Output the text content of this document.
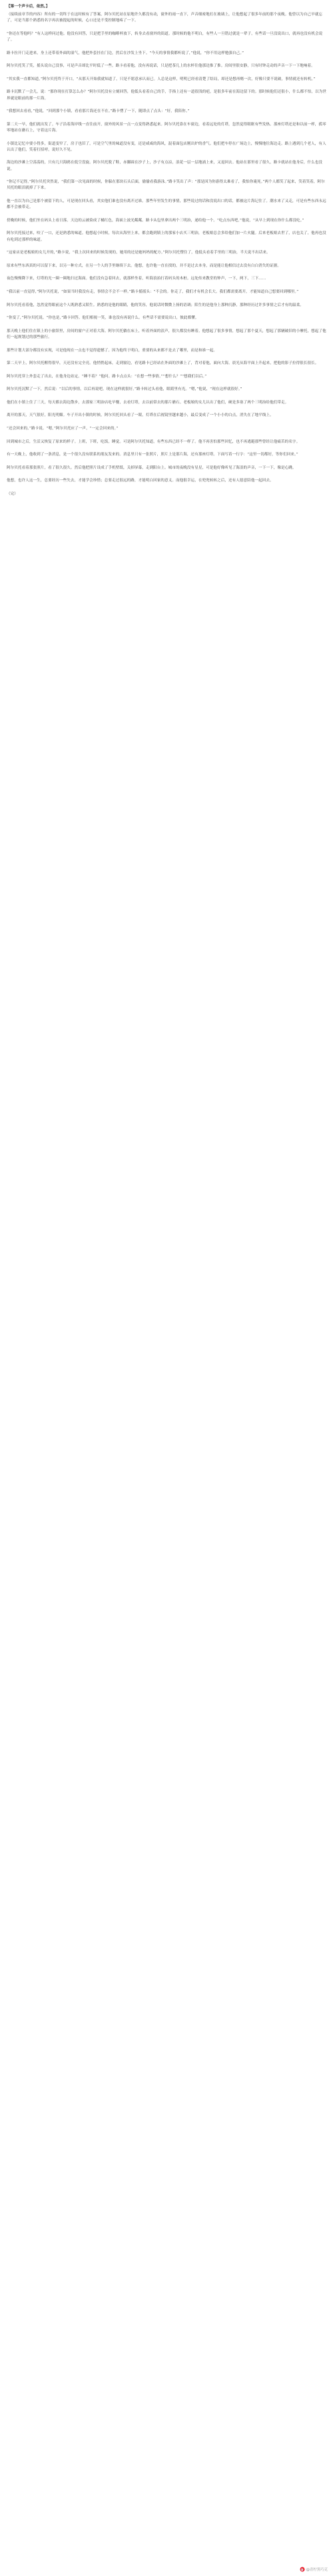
【第一个声卡后，依然。】

（接续前章节的内容）所有的一切终于在这时候有了答案，阿尔贝托站在原地许久都没有动，窗外的雨一直下，声音细密地打在玻璃上，让他想起了很多年前的那个夜晚。他曾以为自己早就忘了，可是当那个熟悉的名字再次被提起的时候，心口还是不受控制地疼了一下。

“你还在等他吗？”有人这样问过他。他没有回答，只是把手里的咖啡杯放下，转身去看窗外的街道。那时候的他不明白，有些人一旦错过就是一辈子，有些话一旦没说出口，就再也没有机会说了。

路卡拉开门走进来，身上还带着外面的湿气，他把外套挂在门边，然后在沙发上坐下。“今天的事情我都听说了，”他说，“你不用这样勉强自己。”

阿尔贝托笑了笑，摇头说自己没事，可是声音却比平时低了一些。路卡看着他，没有再说话，只是把茶几上的水杯往他那边推了推。房间里很安静，只有时钟走动的声音一下一下地响着。

“其实我一直都知道，”阿尔贝托终于开口，“从那天开始我就知道了，只是不愿意承认而已。人总是这样，明明已经看清楚了结局，却还是想再赌一次，好像只要不说破，事情就还有转机。”

路卡沉默了一会儿，说：“那你现在打算怎么办？”阿尔贝托没有立刻回答，他低头看着自己的手，手指上还有一道很浅的疤，是很多年前在海边留下的。那时候他们还很小，什么都不怕，以为世界就是眼前的那一片海。

“我想回去看看，”他说，“回到那个小镇，看看那片海还在不在。”路卡愣了一下，随即点了点头：“好，我陪你。”

第二天一早，他们就出发了。车子沿着海岸线一直往前开，窗外的风景一点一点变得熟悉起来。阿尔贝托靠在车窗边，看着远处的灯塔，忽然觉得眼眶有些发热。那座灯塔还是和以前一样，孤零零地站在礁石上，守着这片海。

小镇比记忆中要小得多，街道变窄了，房子也旧了，可是空气里的味道没有变，还是咸咸的海风，混着面包店刚出炉的香气。他们把车停在广场边上，慢慢地往海边走。路上遇到几个老人，有人认出了他们，笑着打招呼，说好久不见。

海边的沙滩上空荡荡的，只有几只海鸥在低空盘旋。阿尔贝托脱了鞋，赤脚踩在沙子上，沙子有点凉，浪花一层一层地涌上来，又退回去。他站在那里看了很久，路卡就站在他身后，什么也没说。

“你记不记得，”阿尔贝托突然说，“我们第一次见面的时候，你躲在那块石头后面，偷偷看我游泳。”路卡笑出了声：“那是因为你游得太难看了，我怕你淹死。”两个人都笑了起来，笑着笑着，阿尔贝托的眼泪就掉了下来。

他一直以为自己是那个被留下的人，可是现在回头看，其实他们谁也没有离开过谁。那些年里发生的事情，那些说过的话和没说出口的话，都被这片海记住了。潮水来了又走，可是有些东西永远都不会被带走。

傍晚的时候，他们坐在码头上看日落。天边的云被染成了橘红色，海面上波光粼粼。路卡从包里拿出两个三明治，递给他一个。“吃点东西吧，”他说，“从早上到现在你什么都没吃。”

阿尔贝托接过来，咬了一口，还是熟悉的味道。他想起小时候，每次从海里上来，都会跑到镇上的那家小店买三明治，老板娘总会多给他们加一片火腿。后来老板娘去世了，店也关了，他再也没有吃到过那样的味道。

“这家店是老板娘的女儿开的，”路卡说，“我上次回来的时候发现的，她用的还是她妈妈的配方。”阿尔贝托愣住了，他低头看着手里的三明治，半天说不出话来。

原来有些东西真的可以留下来，以另一种方式，在另一个人的手里继续下去。他想，也许他一直在找的，并不是过去本身，而是能让他相信过去没有白白消失的证据。

夜色慢慢降下来，灯塔的光一圈一圈地扫过海面。他们没有急着回去，就那样坐着，听海浪拍打着码头的木桩。远处传来教堂的钟声，一下，两下，三下……

“我以前一直觉得，”阿尔贝托说，“如果当时我没有走，事情会不会不一样。”路卡摇摇头：“不会的。你走了，我们才有机会长大。我们都需要离开，才能知道自己想要回到哪里。”

阿尔贝托看着他，忽然觉得眼前这个人既熟悉又陌生。熟悉的是他的眼睛，他的笑容，他说话时微微上扬的语调；陌生的是他身上那种沉静，那种经历过许多事情之后才有的温柔。

“你变了，”阿尔贝托说。“你也是，”路卡回答。他们相视一笑，谁也没有再说什么。有些话不需要说出口，彼此都懂。

那天晚上他们住在镇上的小旅馆里，房间的窗户正对着大海。阿尔贝托躺在床上，听着外面的浪声，很久都没有睡着。他想起了很多事情，想起了那个夏天，想起了那辆破旧的小摩托，想起了他们一起规划过的那些旅行。

那些计划大部分都没有实现，可是他现在一点也不觉得遗憾了。因为他终于明白，重要的从来都不是去了哪里，而是和谁一起。

第二天早上，阿尔贝托醒得很早，天还没有完全亮。他悄悄起床，走到窗边，看见路卡已经站在外面的沙滩上了，背对着他，面向大海。晨光从海平面上升起来，把他的影子拉得很长很长。

阿尔贝托穿上外套走了出去，在他身边站定。“睡不着？”他问。路卡点点头：“在想一些事情。”“想什么？”“想我们以后。”

阿尔贝托沉默了一下，然后说：“以后的事情，以后再说吧。现在这样就很好。”路卡转过头看他，眼睛里有光。“嗯，”他说，“现在这样就很好。”

他们在小镇上住了三天，每天都去海边散步，去那家三明治店吃早餐，去看灯塔，去以前常去的那片礁石。老板娘的女儿认出了他们，硬是多塞了两个三明治给他们带走。

离开的那天，天气很好，阳光明媚。车子开出小镇的时候，阿尔贝托回头看了一眼，灯塔在后视镜里越来越小，最后变成了一个小小的白点，消失在了地平线上。

“还会回来的，”路卡说。“嗯，”阿尔贝托应了一声，“一定会回来的。”

回到城市之后，生活又恢复了原来的样子。上班，下班，吃饭，睡觉。可是阿尔贝托知道，有些东西已经不一样了。他不再害怕那些回忆，也不再逃避那些曾经让他痛苦的名字。

有一天晚上，他收到了一条消息，是一个很久没有联系的朋友发来的。消息里只有一张照片，照片上是那片海，还有那座灯塔。下面写着一行字：“这里一切都好，等你们回来。”

阿尔贝托看着那张照片，看了很久很久。然后他把照片设成了手机壁纸，关掉屏幕，走到阳台上。城市的夜晚没有星星，可是他好像听见了海浪的声音，一下一下，像是心跳。

他想，也许人这一生，总要经历一些失去，才能学会珍惜；总要走过很远的路，才能明白回家的意义。而他很幸运，在兜兜转转之后，还有人愿意陪他一起回去。

（完）

@青柠黑巧克
